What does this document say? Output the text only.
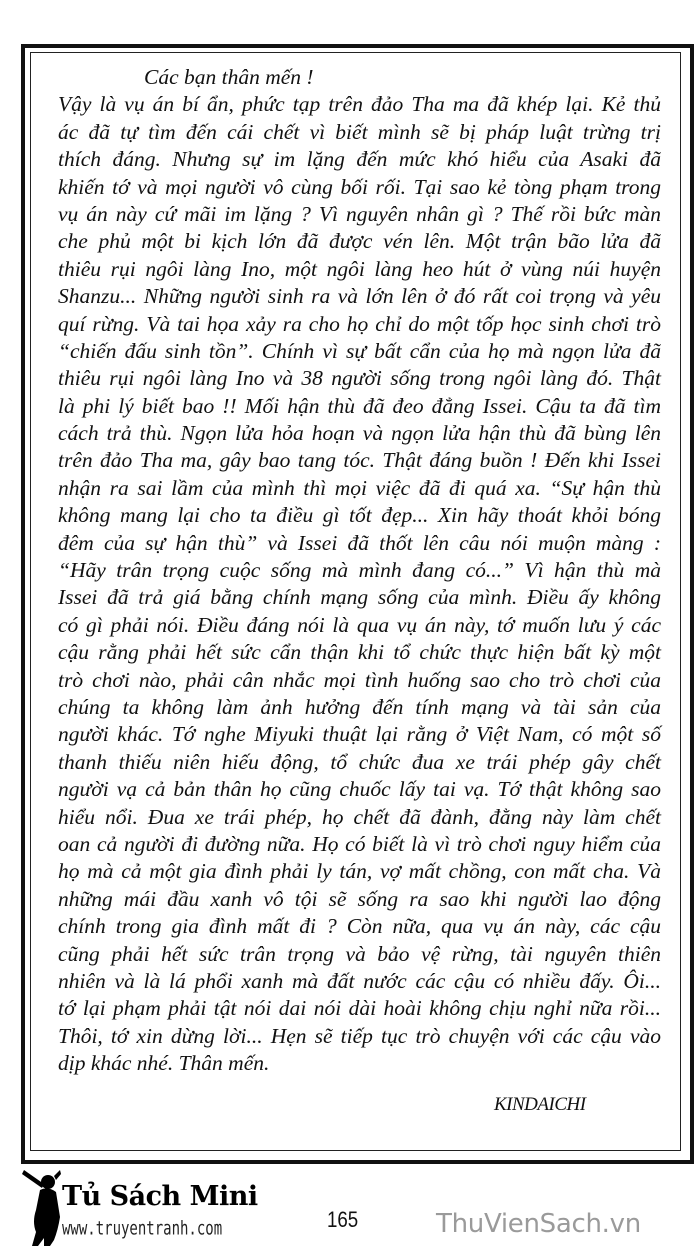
Các bạn thân mến !
Vậy là vụ án bí ẩn, phức tạp trên đảo Tha ma đã khép lại. Kẻ thủ
ác đã tự tìm đến cái chết vì biết mình sẽ bị pháp luật trừng trị
thích đáng. Nhưng sự im lặng đến mức khó hiểu của Asaki đã
khiến tớ và mọi người vô cùng bối rối. Tại sao kẻ tòng phạm trong
vụ án này cứ mãi im lặng ? Vì nguyên nhân gì ? Thế rồi bức màn
che phủ một bi kịch lớn đã được vén lên. Một trận bão lửa đã
thiêu rụi ngôi làng Ino, một ngôi làng heo hút ở vùng núi huyện
Shanzu... Những người sinh ra và lớn lên ở đó rất coi trọng và yêu
quí rừng. Và tai họa xảy ra cho họ chỉ do một tốp học sinh chơi trò
“chiến đấu sinh tồn”. Chính vì sự bất cẩn của họ mà ngọn lửa đã
thiêu rụi ngôi làng Ino và 38 người sống trong ngôi làng đó. Thật
là phi lý biết bao !! Mối hận thù đã đeo đẳng Issei. Cậu ta đã tìm
cách trả thù. Ngọn lửa hỏa hoạn và ngọn lửa hận thù đã bùng lên
trên đảo Tha ma, gây bao tang tóc. Thật đáng buồn ! Đến khi Issei
nhận ra sai lầm của mình thì mọi việc đã đi quá xa. “Sự hận thù
không mang lại cho ta điều gì tốt đẹp... Xin hãy thoát khỏi bóng
đêm của sự hận thù” và Issei đã thốt lên câu nói muộn màng :
“Hãy trân trọng cuộc sống mà mình đang có...” Vì hận thù mà
Issei đã trả giá bằng chính mạng sống của mình. Điều ấy không
có gì phải nói. Điều đáng nói là qua vụ án này, tớ muốn lưu ý các
cậu rằng phải hết sức cẩn thận khi tổ chức thực hiện bất kỳ một
trò chơi nào, phải cân nhắc mọi tình huống sao cho trò chơi của
chúng ta không làm ảnh hưởng đến tính mạng và tài sản của
người khác. Tớ nghe Miyuki thuật lại rằng ở Việt Nam, có một số
thanh thiếu niên hiếu động, tổ chức đua xe trái phép gây chết
người vạ cả bản thân họ cũng chuốc lấy tai vạ. Tớ thật không sao
hiểu nổi. Đua xe trái phép, họ chết đã đành, đằng này làm chết
oan cả người đi đường nữa. Họ có biết là vì trò chơi nguy hiểm của
họ mà cả một gia đình phải ly tán, vợ mất chồng, con mất cha. Và
những mái đầu xanh vô tội sẽ sống ra sao khi người lao động
chính trong gia đình mất đi ? Còn nữa, qua vụ án này, các cậu
cũng phải hết sức trân trọng và bảo vệ rừng, tài nguyên thiên
nhiên và là lá phổi xanh mà đất nước các cậu có nhiều đấy. Ôi...
tớ lại phạm phải tật nói dai nói dài hoài không chịu nghỉ nữa rồi...
Thôi, tớ xin dừng lời... Hẹn sẽ tiếp tục trò chuyện với các cậu vào
dịp khác nhé. Thân mến.
KINDAICHI
Tủ Sách Mini
www.truyentranh.com	165	ThuVienSach.vn
